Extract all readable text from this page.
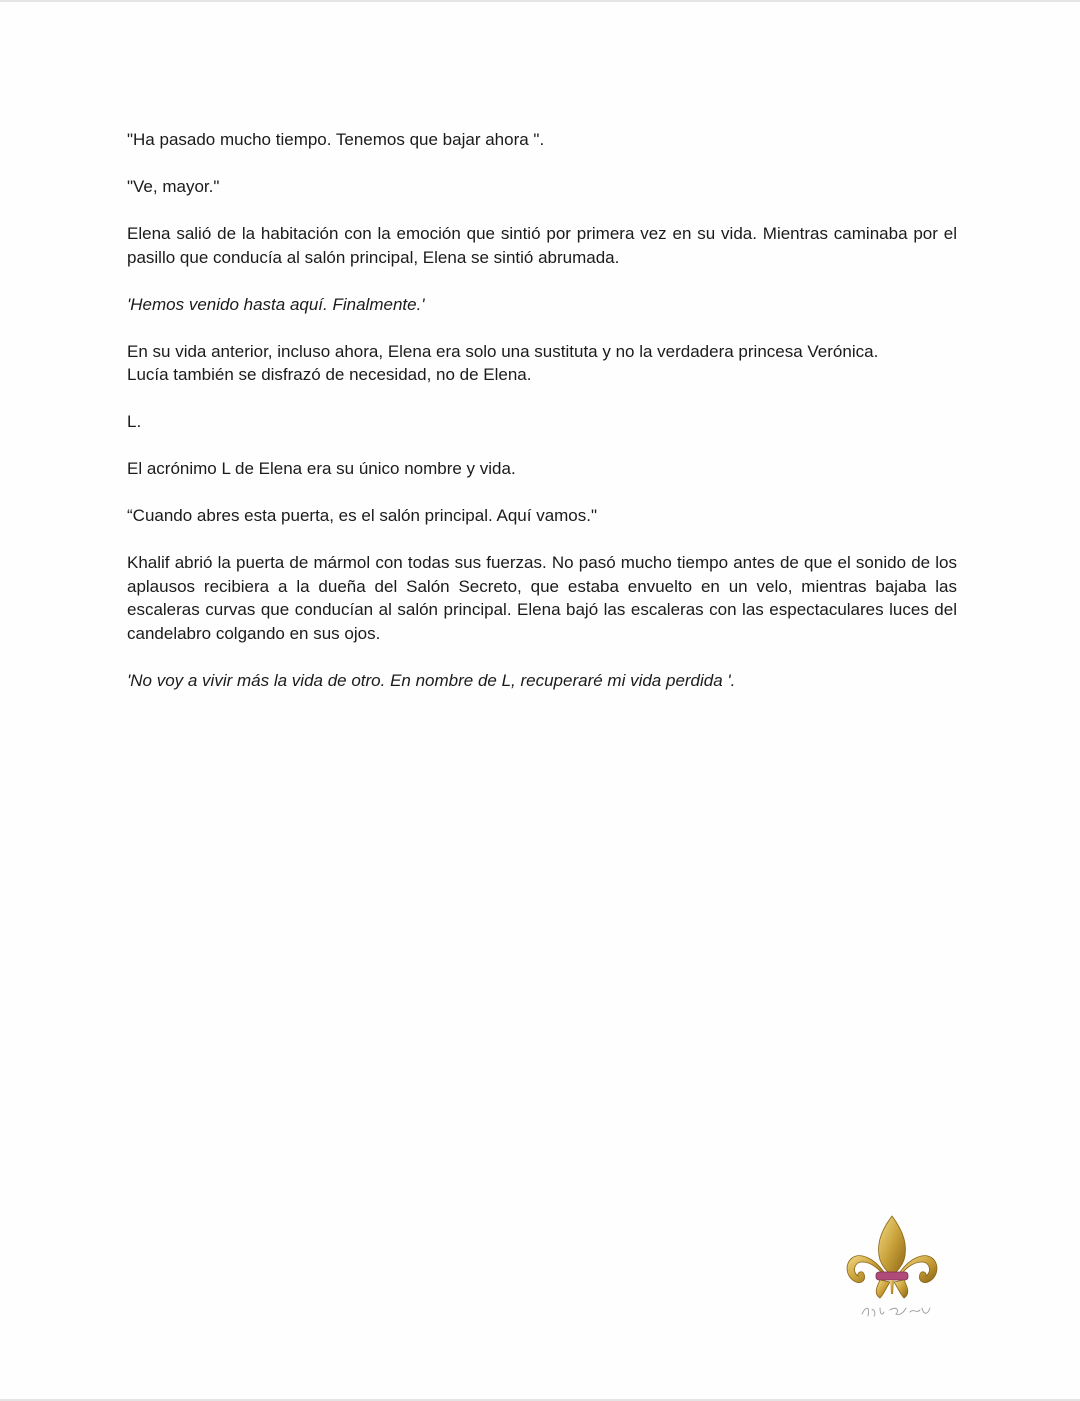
"Ha pasado mucho tiempo. Tenemos que bajar ahora ".

"Ve, mayor."

Elena salió de la habitación con la emoción que sintió por primera vez en su vida. Mientras caminaba por el pasillo que conducía al salón principal, Elena se sintió abrumada.

'Hemos venido hasta aquí. Finalmente.'

En su vida anterior, incluso ahora, Elena era solo una sustituta y no la verdadera princesa Verónica.
Lucía también se disfrazó de necesidad, no de Elena.

L.

El acrónimo L de Elena era su único nombre y vida.

“Cuando abres esta puerta, es el salón principal. Aquí vamos."

Khalif abrió la puerta de mármol con todas sus fuerzas. No pasó mucho tiempo antes de que el sonido de los aplausos recibiera a la dueña del Salón Secreto, que estaba envuelto en un velo, mientras bajaba las escaleras curvas que conducían al salón principal. Elena bajó las escaleras con las espectaculares luces del candelabro colgando en sus ojos.

'No voy a vivir más la vida de otro. En nombre de L, recuperaré mi vida perdida '.
